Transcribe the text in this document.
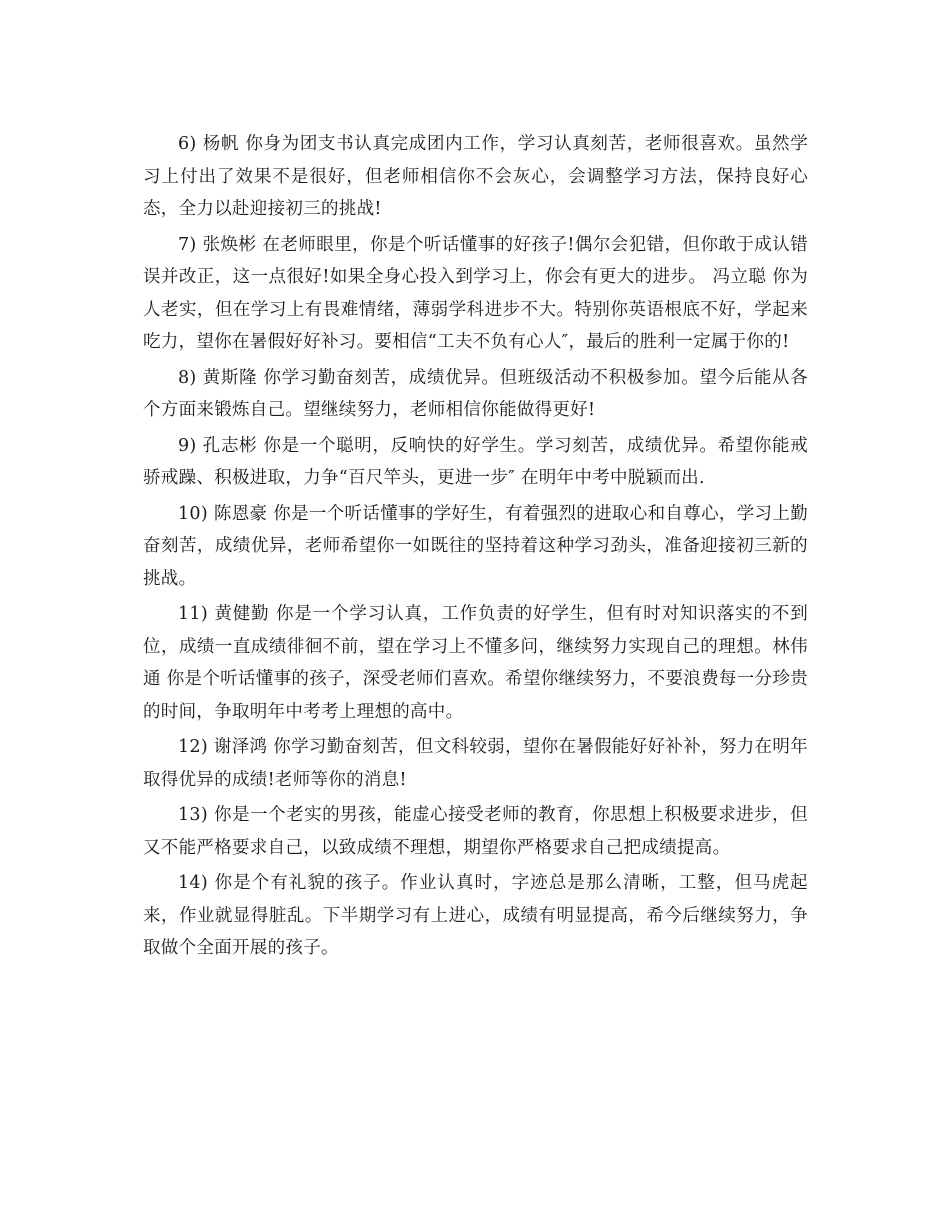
6) 杨帆 你身为团支书认真完成团内工作，学习认真刻苦，老师很喜欢。虽然学习上付出了效果不是很好，但老师相信你不会灰心，会调整学习方法，保持良好心态，全力以赴迎接初三的挑战!

7) 张焕彬 在老师眼里，你是个听话懂事的好孩子!偶尔会犯错，但你敢于成认错误并改正，这一点很好!如果全身心投入到学习上，你会有更大的进步。 冯立聪 你为人老实，但在学习上有畏难情绪，薄弱学科进步不大。特别你英语根底不好，学起来吃力，望你在暑假好好补习。要相信“工夫不负有心人″，最后的胜利一定属于你的!

8) 黄斯隆 你学习勤奋刻苦，成绩优异。但班级活动不积极参加。望今后能从各个方面来锻炼自己。望继续努力，老师相信你能做得更好!

9) 孔志彬 你是一个聪明，反响快的好学生。学习刻苦，成绩优异。希望你能戒骄戒躁、积极进取，力争“百尺竿头，更进一步″ 在明年中考中脱颖而出.

10) 陈恩豪 你是一个听话懂事的学好生，有着强烈的进取心和自尊心，学习上勤奋刻苦，成绩优异，老师希望你一如既往的坚持着这种学习劲头，准备迎接初三新的挑战。

11) 黄健勤 你是一个学习认真，工作负责的好学生，但有时对知识落实的不到位，成绩一直成绩徘徊不前，望在学习上不懂多问，继续努力实现自己的理想。林伟通 你是个听话懂事的孩子，深受老师们喜欢。希望你继续努力，不要浪费每一分珍贵的时间，争取明年中考考上理想的高中。

12) 谢泽鸿 你学习勤奋刻苦，但文科较弱，望你在暑假能好好补补，努力在明年取得优异的成绩!老师等你的消息!

13) 你是一个老实的男孩，能虚心接受老师的教育，你思想上积极要求进步，但又不能严格要求自己，以致成绩不理想，期望你严格要求自己把成绩提高。

14) 你是个有礼貌的孩子。作业认真时，字迹总是那么清晰，工整，但马虎起来，作业就显得脏乱。下半期学习有上进心，成绩有明显提高，希今后继续努力，争取做个全面开展的孩子。
